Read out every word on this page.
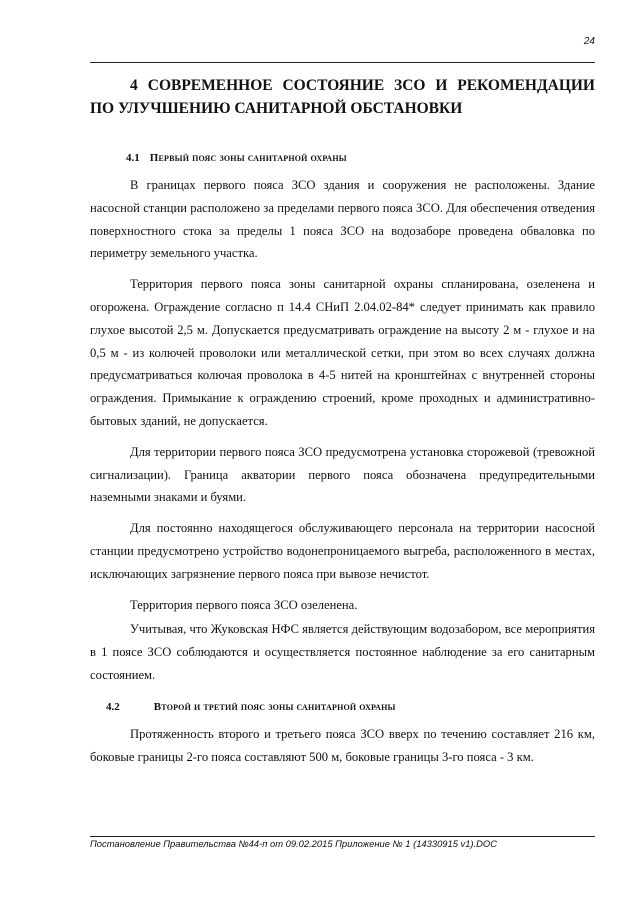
24
4 СОВРЕМЕННОЕ СОСТОЯНИЕ ЗСО И РЕКОМЕНДАЦИИ ПО УЛУЧШЕНИЮ САНИТАРНОЙ ОБСТАНОВКИ
4.1 Первый пояс зоны санитарной охраны

В границах первого пояса ЗСО здания и сооружения не расположены. Здание насосной станции расположено за пределами первого пояса ЗСО. Для обеспечения отведения поверхностного стока за пределы 1 пояса ЗСО на водозаборе проведена обваловка по периметру земельного участка.

Территория первого пояса зоны санитарной охраны спланирована, озеленена и огорожена. Ограждение согласно п 14.4 СНиП 2.04.02-84* следует принимать как правило глухое высотой 2,5 м. Допускается предусматривать ограждение на высоту 2 м - глухое и на 0,5 м - из колючей проволоки или металлической сетки, при этом во всех случаях должна предусматриваться колючая проволока в 4-5 нитей на кронштейнах с внутренней стороны ограждения. Примыкание к ограждению строений, кроме проходных и административно-бытовых зданий, не допускается.

Для территории первого пояса ЗСО предусмотрена установка сторожевой (тревожной сигнализации). Граница акватории первого пояса обозначена предупредительными наземными знаками и буями.

Для постоянно находящегося обслуживающего персонала на территории насосной станции предусмотрено устройство водонепроницаемого выгреба, расположенного в местах, исключающих загрязнение первого пояса при вывозе нечистот.

Территория первого пояса ЗСО озеленена.

Учитывая, что Жуковская НФС является действующим водозабором, все мероприятия в 1 поясе ЗСО соблюдаются и осуществляется постоянное наблюдение за его санитарным состоянием.

4.2	Второй и третий пояс зоны санитарной охраны

Протяженность второго и третьего пояса ЗСО вверх по течению составляет 216 км, боковые границы 2-го пояса составляют 500 м, боковые границы 3-го пояса - 3 км.

Постановление Правительства №44-п от 09.02.2015 Приложение № 1 (14330915 v1).DOC
